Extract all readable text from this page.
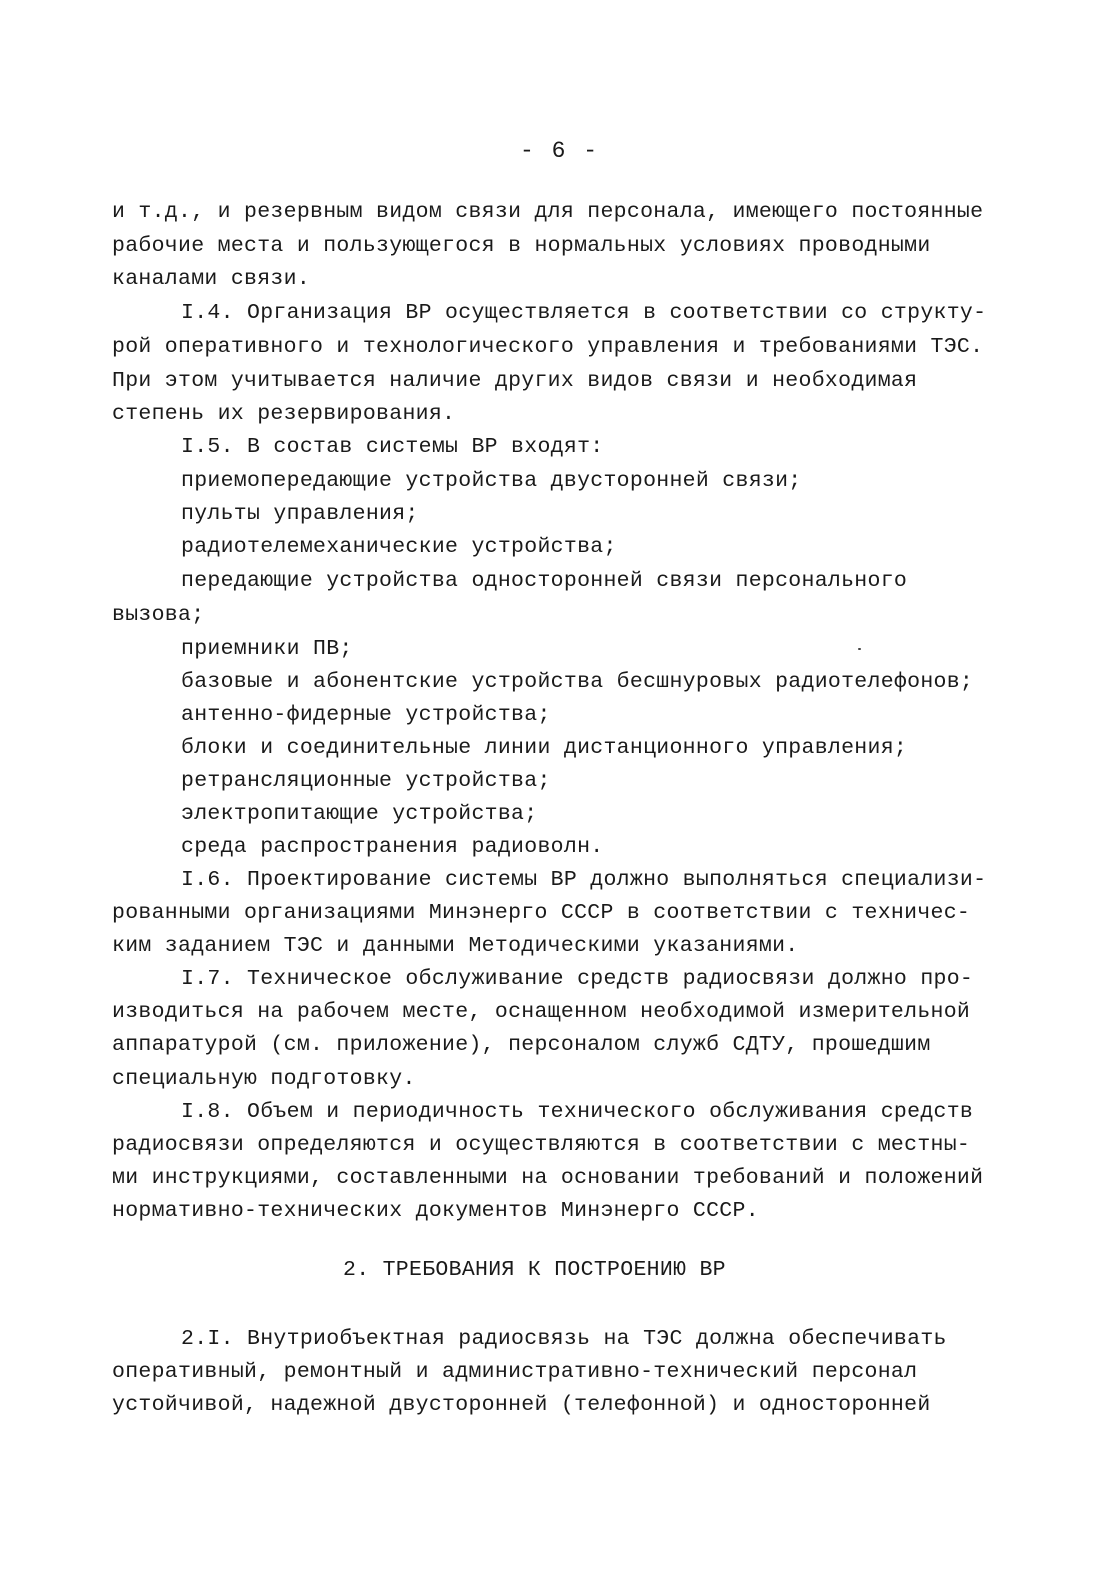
- 6 -
и т.д., и резервным видом связи для персонала, имеющего постоянные
рабочие места и пользующегося в нормальных условиях проводными
каналами связи.
I.4. Организация ВР осуществляется в соответствии со структу-
рой оперативного и технологического управления и требованиями ТЭС.
При этом учитывается наличие других видов связи и необходимая
степень их резервирования.
I.5. В состав системы ВР входят:
приемопередающие устройства двусторонней связи;
пульты управления;
радиотелемеханические устройства;
передающие устройства односторонней связи персонального
вызова;
приемники ПВ;
базовые и абонентские устройства бесшнуровых радиотелефонов;
антенно-фидерные устройства;
блоки и соединительные линии дистанционного управления;
ретрансляционные устройства;
электропитающие устройства;
среда распространения радиоволн.
I.6. Проектирование системы ВР должно выполняться специализи-
рованными организациями Минэнерго СССР в соответствии с техничес-
ким заданием ТЭС и данными Методическими указаниями.
I.7. Техническое обслуживание средств радиосвязи должно про-
изводиться на рабочем месте, оснащенном необходимой измерительной
аппаратурой (см. приложение), персоналом служб СДТУ, прошедшим
специальную подготовку.
I.8. Объем и периодичность технического обслуживания средств
радиосвязи определяются и осуществляются в соответствии с местны-
ми инструкциями, составленными на основании требований и положений
нормативно-технических документов Минэнерго СССР.
2. ТРЕБОВАНИЯ К ПОСТРОЕНИЮ ВР
2.I. Внутриобъектная радиосвязь на ТЭС должна обеспечивать
оперативный, ремонтный и административно-технический персонал
устойчивой, надежной двусторонней (телефонной) и односторонней
